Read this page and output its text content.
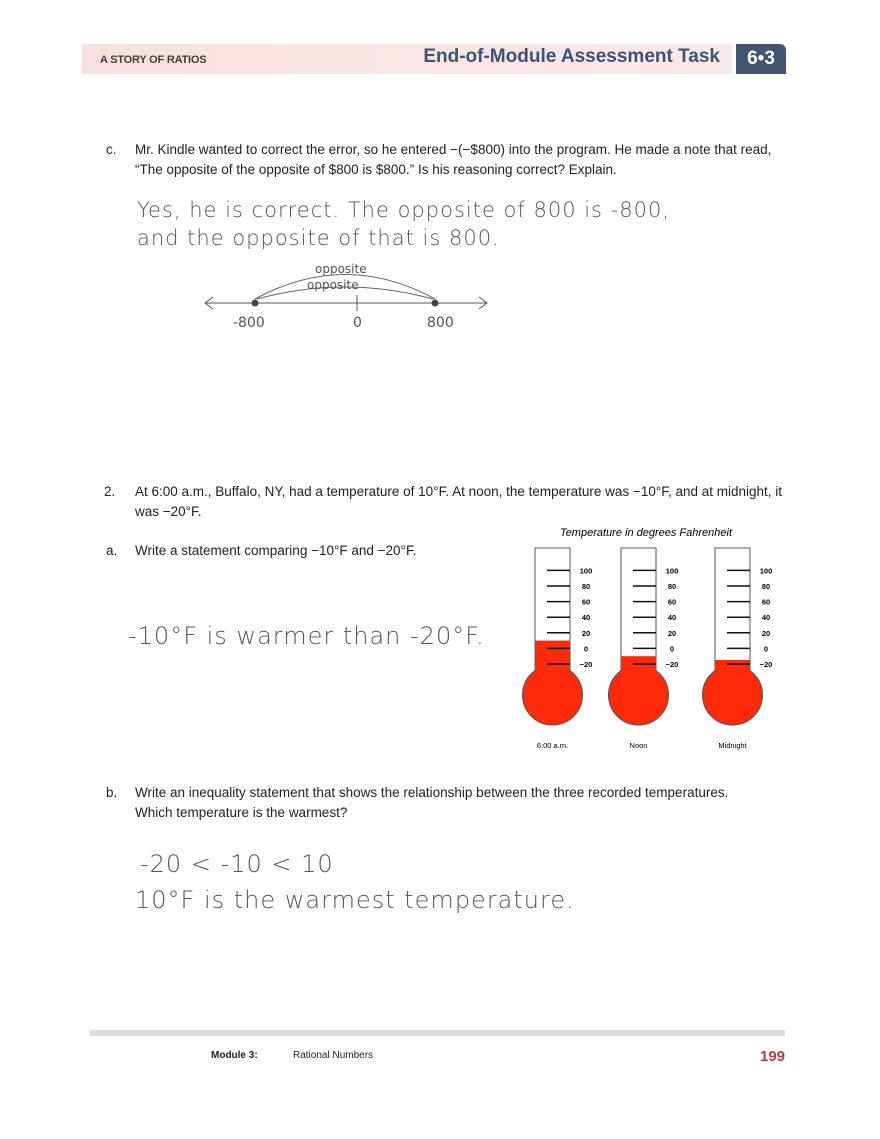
A STORY OF RATIOS	End-of-Module Assessment Task	6•3
c. Mr. Kindle wanted to correct the error, so he entered −(−$800) into the program. He made a note that read, “The opposite of the opposite of $800 is $800.” Is his reasoning correct? Explain.
Yes, he is correct. The opposite of 800 is -800,
and the opposite of that is 800.
opposite
opposite
-800	0	800
2. At 6:00 a.m., Buffalo, NY, had a temperature of 10°F. At noon, the temperature was −10°F, and at midnight, it was −20°F.
a. Write a statement comparing −10°F and −20°F.
-10°F is warmer than -20°F.
Temperature in degrees Fahrenheit
100
80
60
40
20
0
−20
6:00 a.m.
100
80
60
40
20
0
−20
Noon
100
80
60
40
20
0
−20
Midnight
b. Write an inequality statement that shows the relationship between the three recorded temperatures. Which temperature is the warmest?
-20 < -10 < 10
10°F is the warmest temperature.
Module 3:	Rational Numbers	199
